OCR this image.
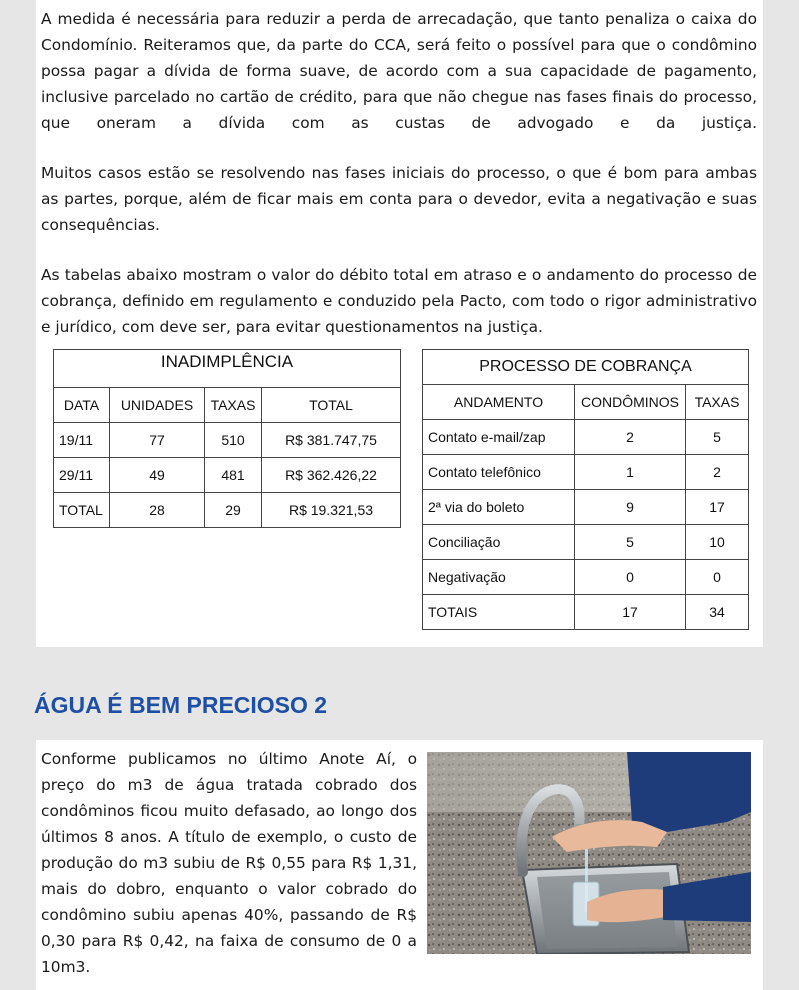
A medida é necessária para reduzir a perda de arrecadação, que tanto penaliza o caixa do Condomínio. Reiteramos que, da parte do CCA, será feito o possível para que o condômino possa pagar a dívida de forma suave, de acordo com a sua capacidade de pagamento, inclusive parcelado no cartão de crédito, para que não chegue nas fases finais do processo, que oneram a dívida com as custas de advogado e da justiça.

Muitos casos estão se resolvendo nas fases iniciais do processo, o que é bom para ambas as partes, porque, além de ficar mais em conta para o devedor, evita a negativação e suas consequências.

As tabelas abaixo mostram o valor do débito total em atraso e o andamento do processo de cobrança, definido em regulamento e conduzido pela Pacto, com todo o rigor administrativo e jurídico, com deve ser, para evitar questionamentos na justiça.

INADIMPLÊNCIA			
DATA	UNIDADES	TAXAS	TOTAL
19/11	77	510	R$ 381.747,75
29/11	49	481	R$ 362.426,22
TOTAL	28	29	R$ 19.321,53
PROCESSO DE COBRANÇA		
ANDAMENTO	CONDÔMINOS	TAXAS
Contato e-mail/zap	2	5
Contato telefônico	1	2
2ª via do boleto	9	17
Conciliação	5	10
Negativação	0	0
TOTAIS	17	34
ÁGUA É BEM PRECIOSO 2

Conforme publicamos no último Anote Aí, o preço do m3 de água tratada cobrado dos condôminos ficou muito defasado, ao longo dos últimos 8 anos. A título de exemplo, o custo de produção do m3 subiu de R$ 0,55 para R$ 1,31, mais do dobro, enquanto o valor cobrado do condômino subiu apenas 40%, passando de R$ 0,30 para R$ 0,42, na faixa de consumo de 0 a 10m3.
